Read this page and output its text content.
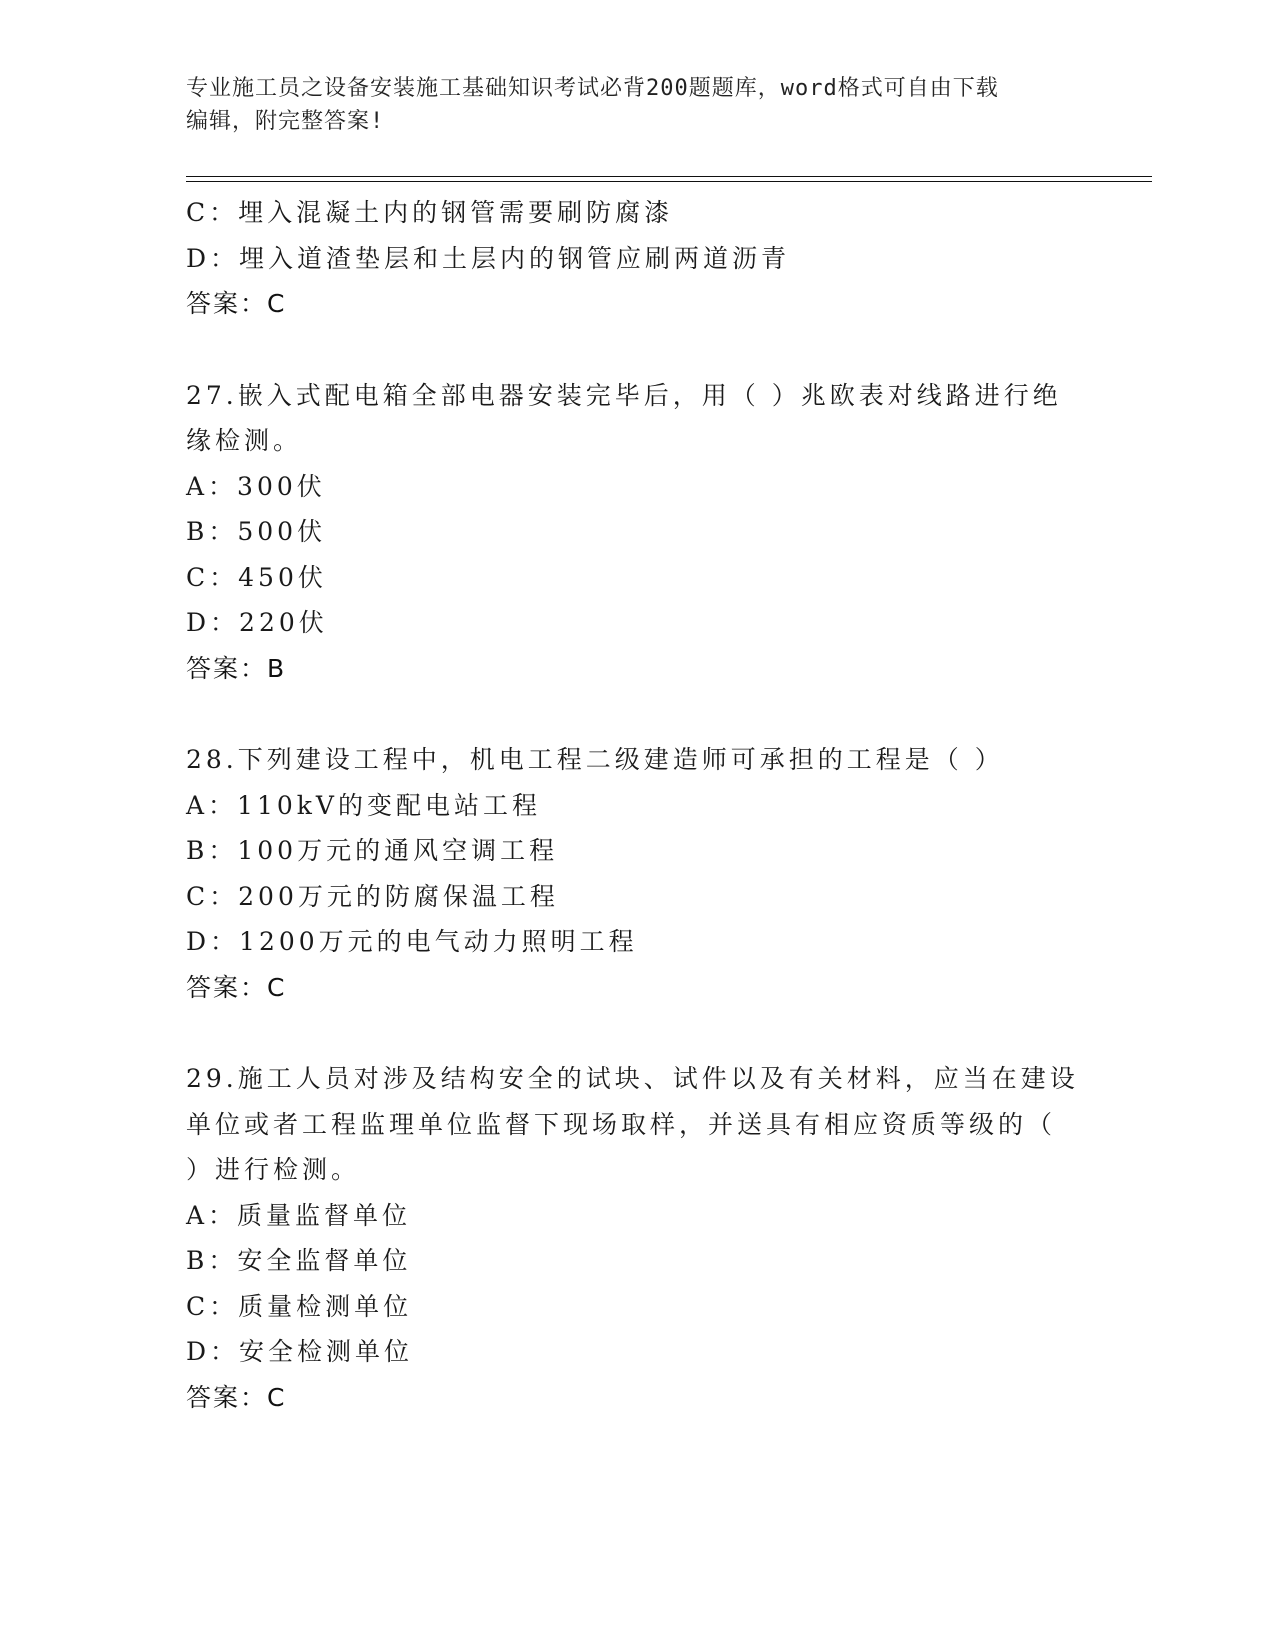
专业施工员之设备安装施工基础知识考试必背200题题库，word格式可自由下载
编辑，附完整答案!
C：埋入混凝土内的钢管需要刷防腐漆
D：埋入道渣垫层和土层内的钢管应刷两道沥青
答案：C
27.嵌入式配电箱全部电器安装完毕后，用（ ）兆欧表对线路进行绝
缘检测。
A：300伏
B：500伏
C：450伏
D：220伏
答案：B
28.下列建设工程中，机电工程二级建造师可承担的工程是（ ）
A：110kV的变配电站工程
B：100万元的通风空调工程
C：200万元的防腐保温工程
D：1200万元的电气动力照明工程
答案：C
29.施工人员对涉及结构安全的试块、试件以及有关材料，应当在建设
单位或者工程监理单位监督下现场取样，并送具有相应资质等级的（
）进行检测。
A：质量监督单位
B：安全监督单位
C：质量检测单位
D：安全检测单位
答案：C
